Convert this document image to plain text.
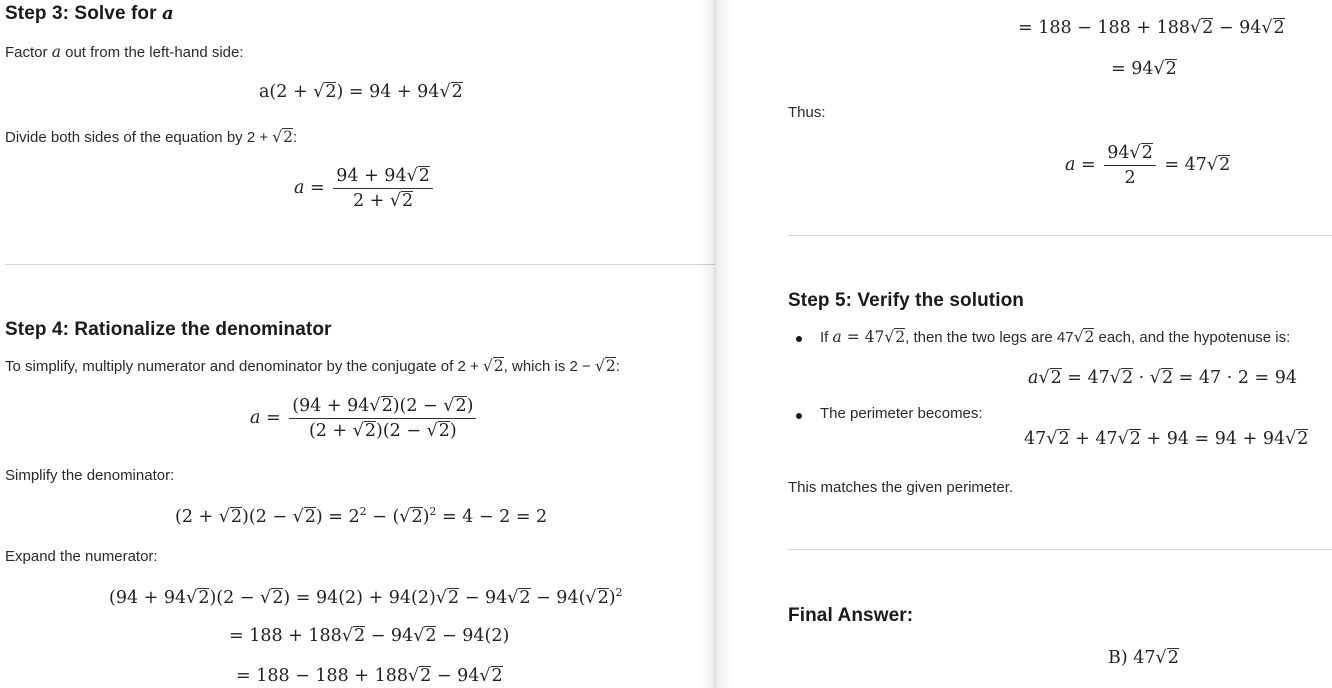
Step 3: Solve for a
Factor a out from the left-hand side:
a(2 + √2) = 94 + 94√2
Divide both sides of the equation by 2 + √2:
$a = \frac{94 + 94√2}{2 + √2}$
Step 4: Rationalize the denominator
To simplify, multiply numerator and denominator by the conjugate of 2 + √2, which is 2 − √2:
$a = \frac{(94 + 94√2)(2 - √2)}{(2 + √2)(2 - √2)}$
Simplify the denominator:
$(2 + √2)(2 - √2) = 2^2 - (√2)^2 = 4 - 2 = 2$
Expand the numerator:
$(94 + 94√2)(2 - √2) = 94(2) + 94(2)√2 - 94√2 - 94(√2)^2$
= 188 + 188√2 − 94√2 − 94(2)
= 188 − 188 + 188√2 − 94√2
= 188 − 188 + 188√2 − 94√2
= 94√2
Thus:
$a = \frac{94√2}{2} = 47√2$
Step 5: Verify the solution
If a = 47√2, then the two legs are 47√2 each, and the hypotenuse is:
a√2 = 47√2 · √2 = 47 · 2 = 94
The perimeter becomes:
47√2 + 47√2 + 94 = 94 + 94√2
This matches the given perimeter.
Final Answer:
B) 47√2
